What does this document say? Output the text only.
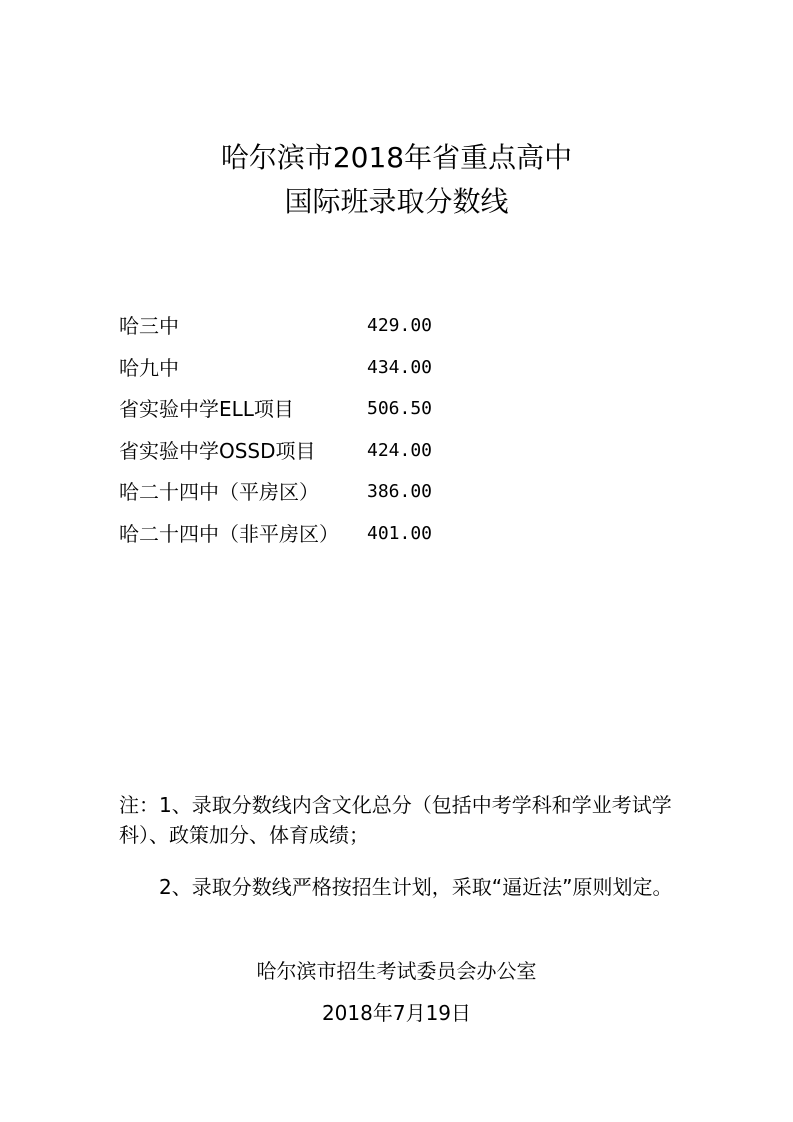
哈尔滨市2018年省重点高中
国际班录取分数线
哈三中	429.00
哈九中	434.00
省实验中学ELL项目	506.50
省实验中学OSSD项目	424.00
哈二十四中（平房区）	386.00
哈二十四中（非平房区） 401.00
注：1、录取分数线内含文化总分（包括中考学科和学业考试学科）、政策加分、体育成绩；
2、录取分数线严格按招生计划，采取“逼近法”原则划定。
哈尔滨市招生考试委员会办公室
2018年7月19日
